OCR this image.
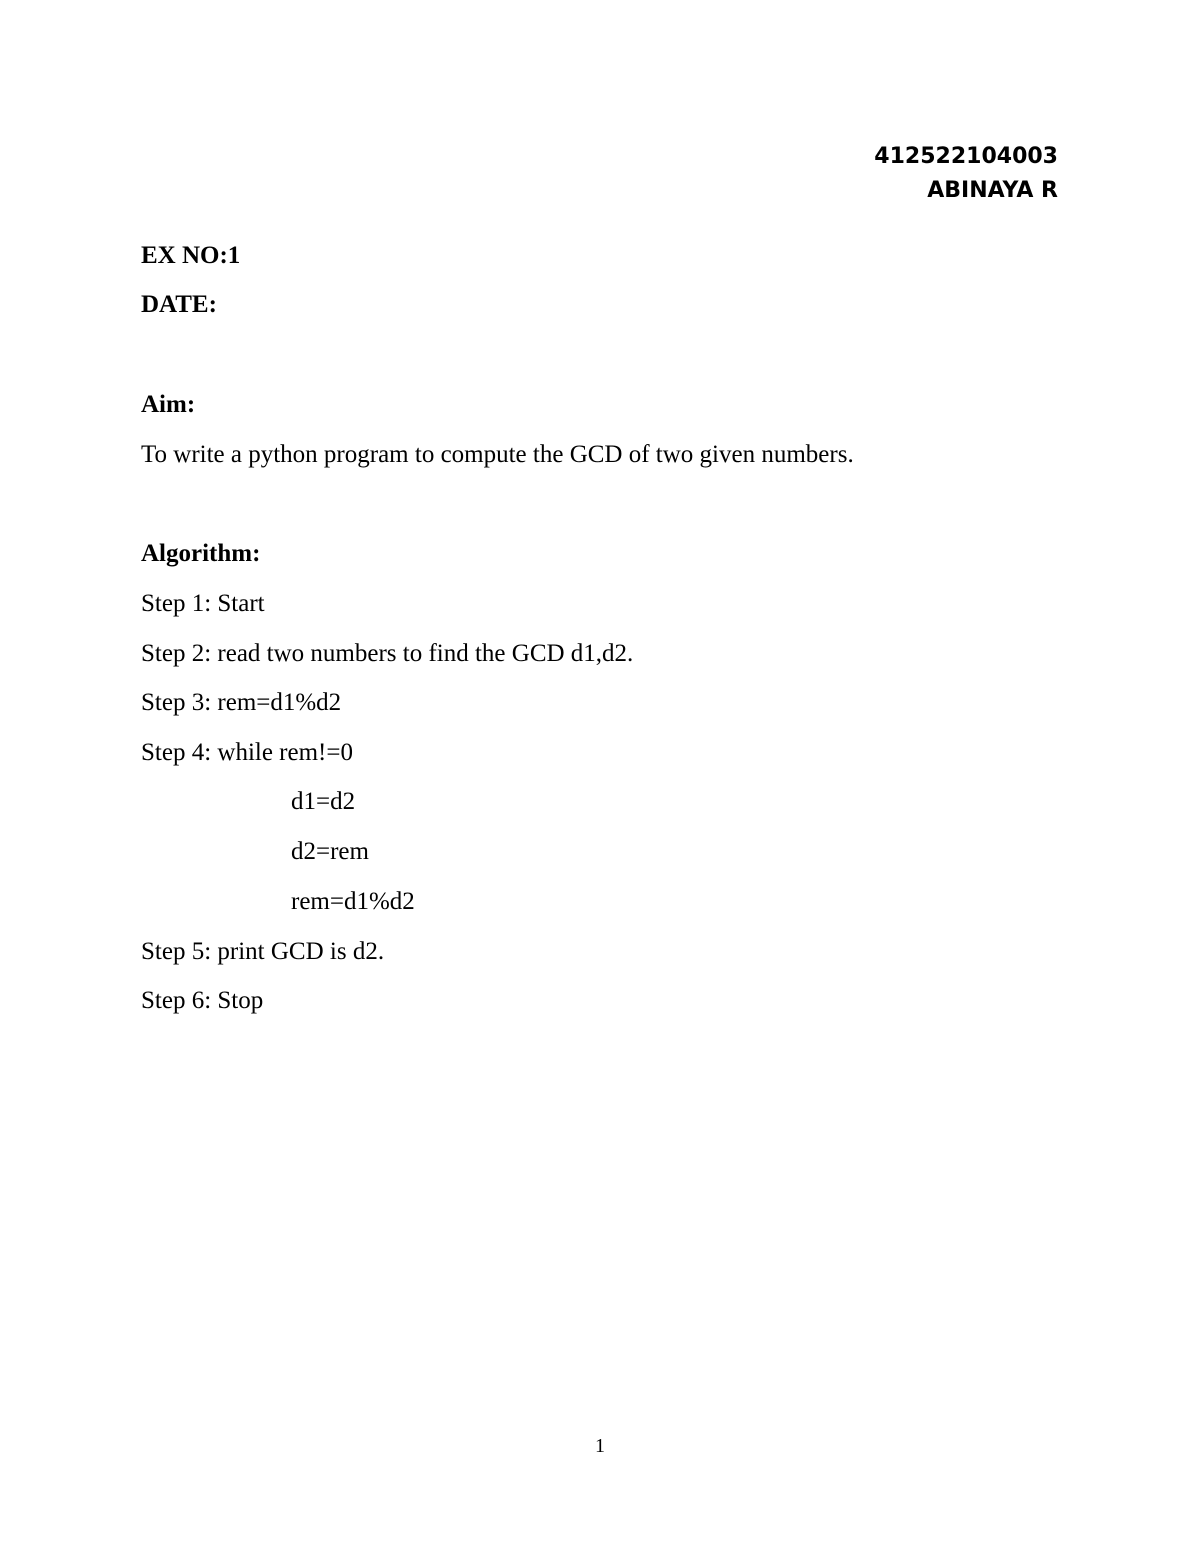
412522104003
ABINAYA R
EX NO:1
DATE:
Aim:
To write a python program to compute the GCD of two given numbers.
Algorithm:
Step 1: Start
Step 2: read two numbers to find the GCD d1,d2.
Step 3: rem=d1%d2
Step 4: while rem!=0
d1=d2
d2=rem
rem=d1%d2
Step 5: print GCD is d2.
Step 6: Stop
1
